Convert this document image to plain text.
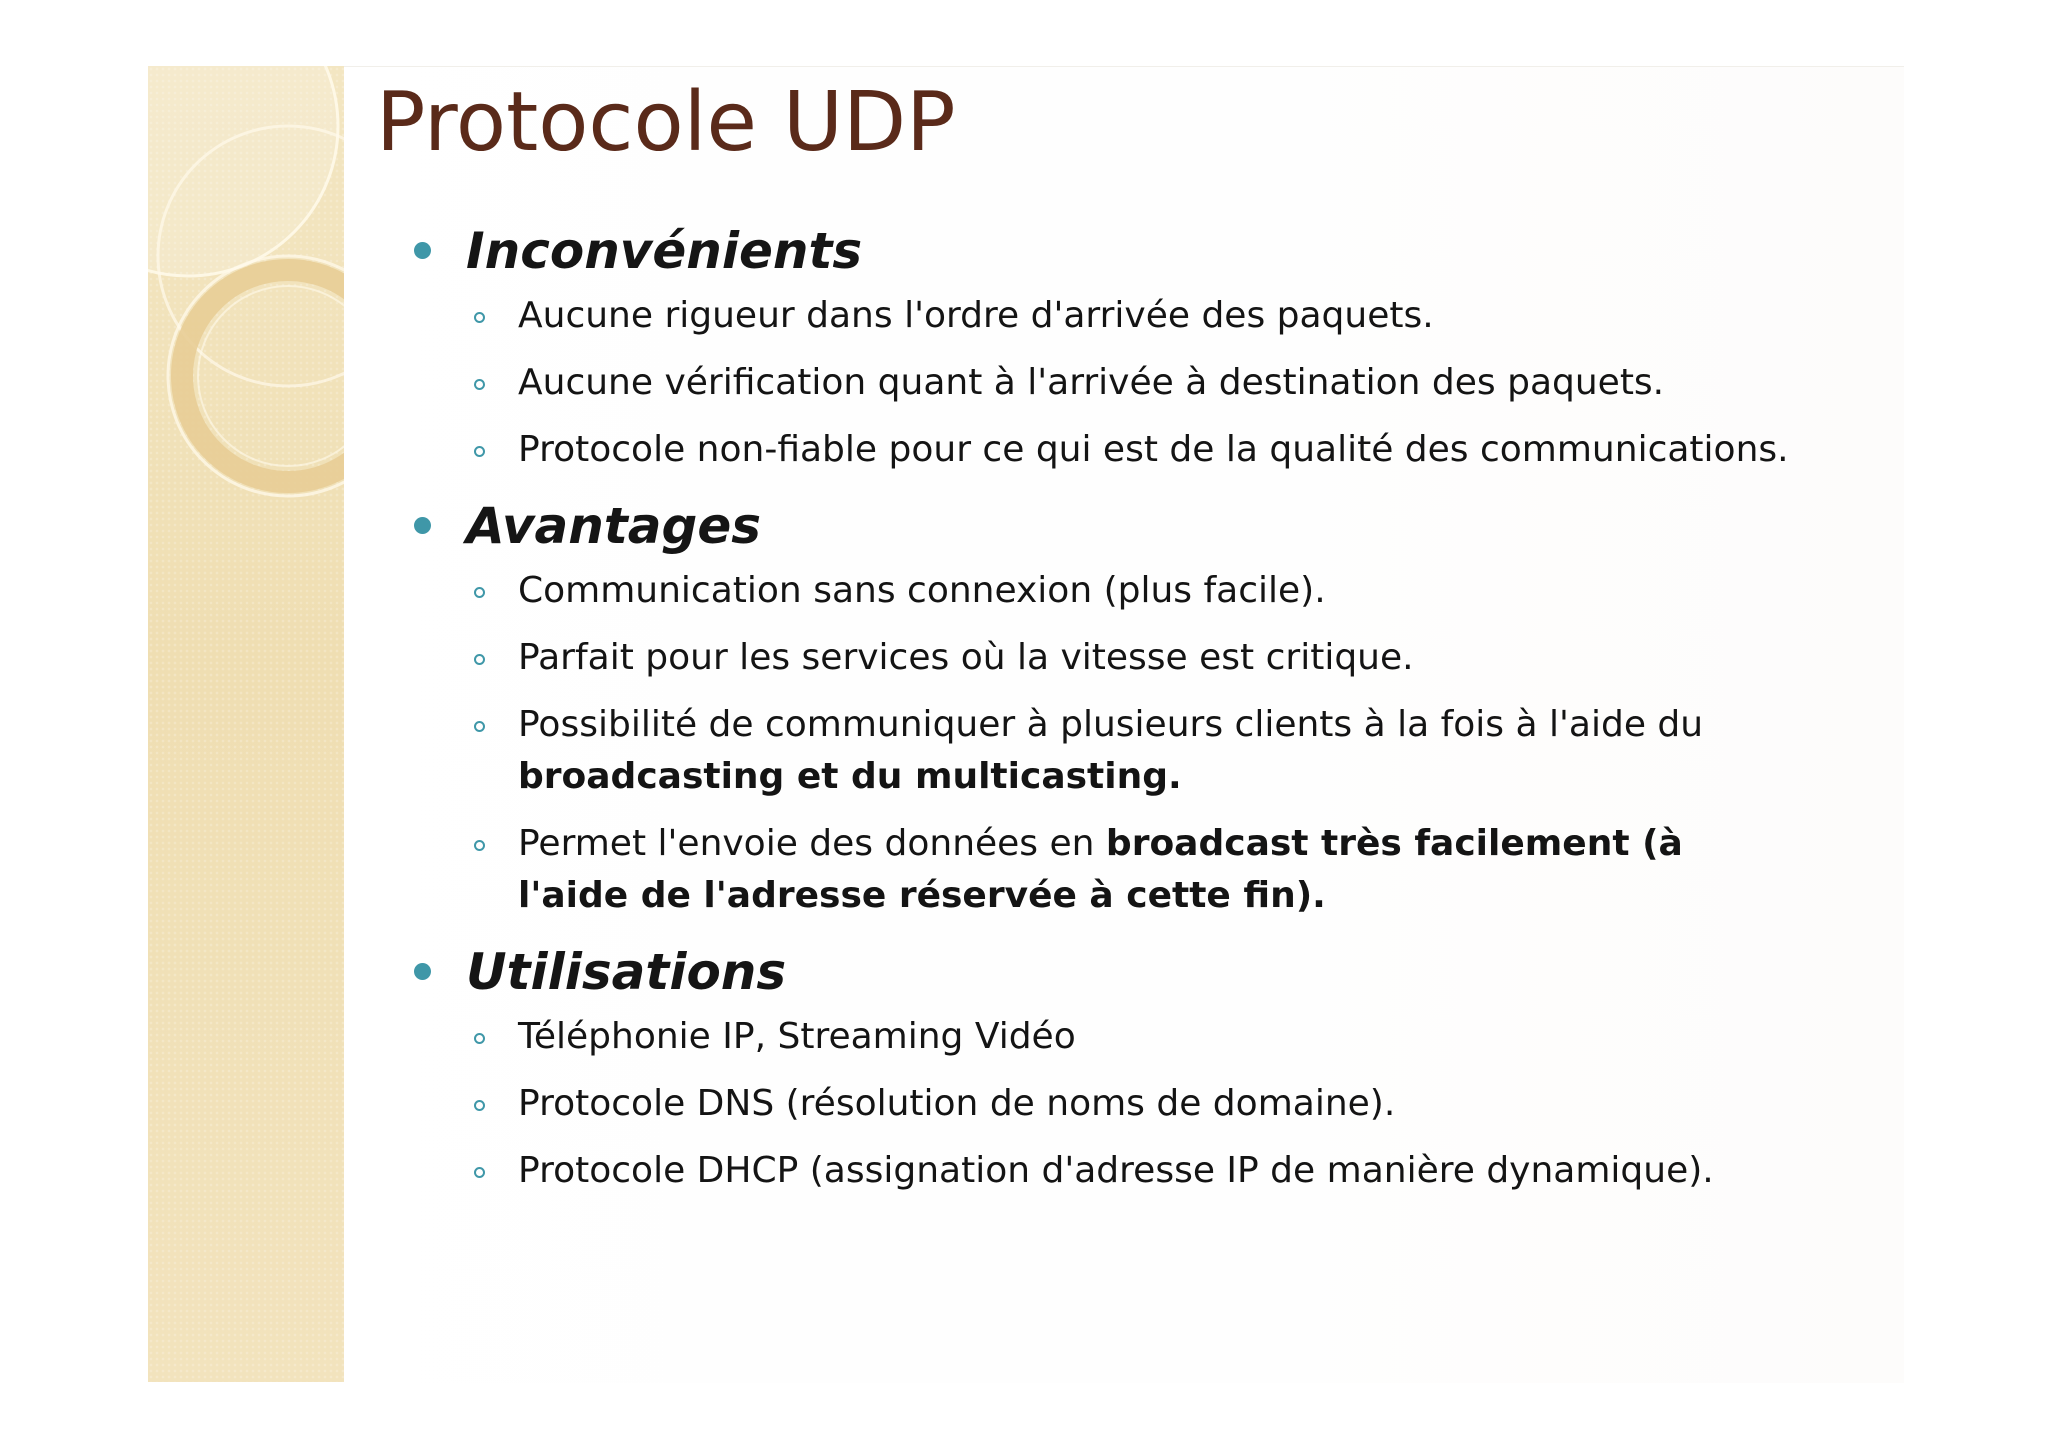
Protocole UDP
Inconvénients
Aucune rigueur dans l'ordre d'arrivée des paquets.
Aucune vérification quant à l'arrivée à destination des paquets.
Protocole non-fiable pour ce qui est de la qualité des communications.
Avantages
Communication sans connexion (plus facile).
Parfait pour les services où la vitesse est critique.
Possibilité de communiquer à plusieurs clients à la fois à l'aide du broadcasting et du multicasting.
Permet l'envoie des données en broadcast très facilement (à l'aide de l'adresse réservée à cette fin).
Utilisations
Téléphonie IP, Streaming Vidéo
Protocole DNS (résolution de noms de domaine).
Protocole DHCP (assignation d'adresse IP de manière dynamique).
